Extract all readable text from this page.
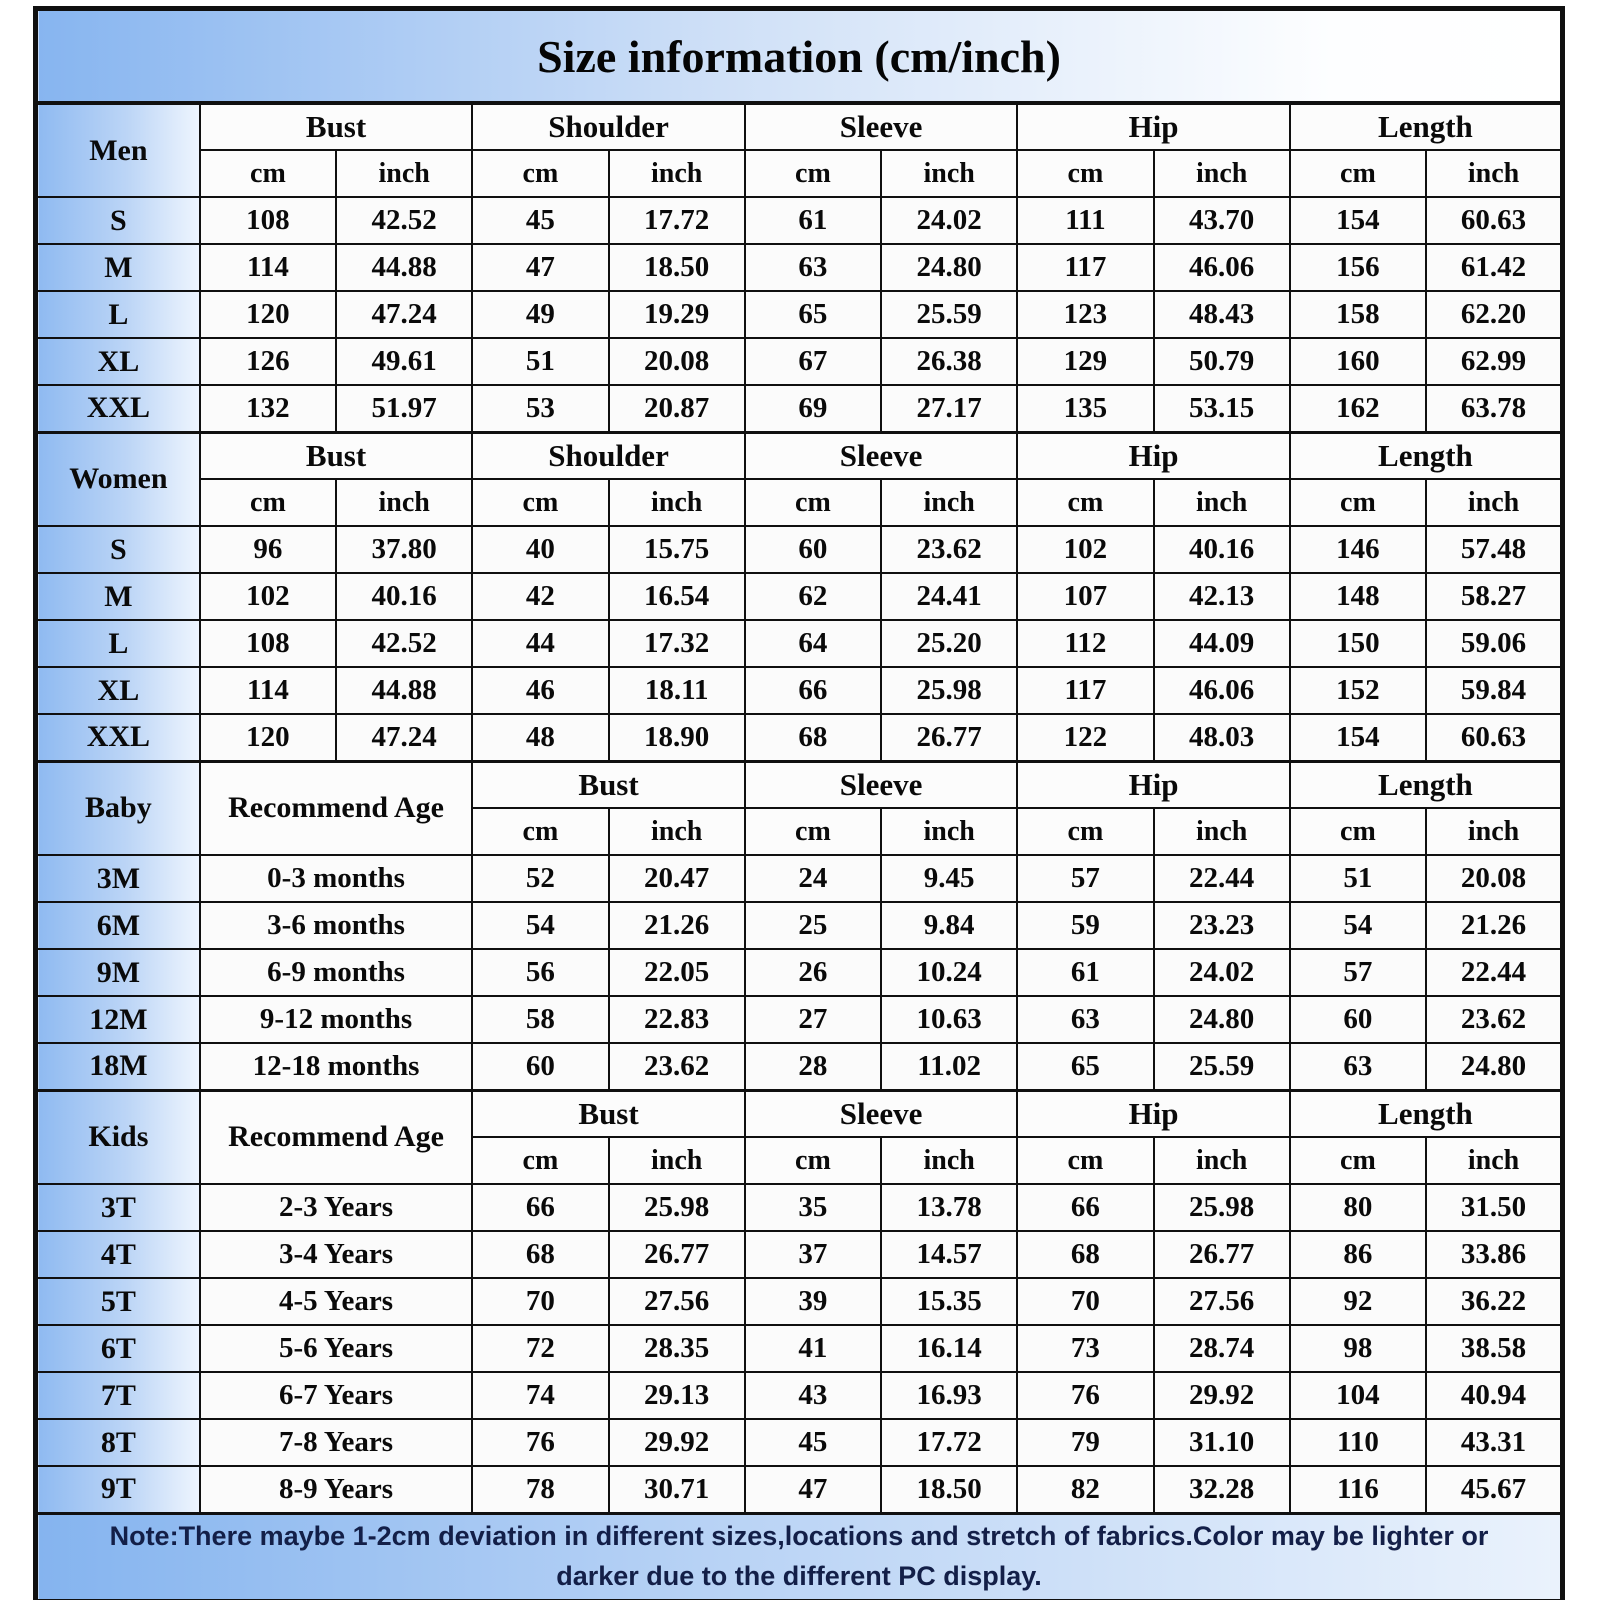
Size information (cm/inch)										
Men	Bust		Shoulder		Sleeve		Hip		Length	
	cm	inch	cm	inch	cm	inch	cm	inch	cm	inch
S	108	42.52	45	17.72	61	24.02	111	43.70	154	60.63
M	114	44.88	47	18.50	63	24.80	117	46.06	156	61.42
L	120	47.24	49	19.29	65	25.59	123	48.43	158	62.20
XL	126	49.61	51	20.08	67	26.38	129	50.79	160	62.99
XXL	132	51.97	53	20.87	69	27.17	135	53.15	162	63.78
Women	Bust		Shoulder		Sleeve		Hip		Length	
	cm	inch	cm	inch	cm	inch	cm	inch	cm	inch
S	96	37.80	40	15.75	60	23.62	102	40.16	146	57.48
M	102	40.16	42	16.54	62	24.41	107	42.13	148	58.27
L	108	42.52	44	17.32	64	25.20	112	44.09	150	59.06
XL	114	44.88	46	18.11	66	25.98	117	46.06	152	59.84
XXL	120	47.24	48	18.90	68	26.77	122	48.03	154	60.63
Baby	Recommend Age		Bust		Sleeve		Hip		Length	
			cm	inch	cm	inch	cm	inch	cm	inch
3M	0-3 months		52	20.47	24	9.45	57	22.44	51	20.08
6M	3-6 months		54	21.26	25	9.84	59	23.23	54	21.26
9M	6-9 months		56	22.05	26	10.24	61	24.02	57	22.44
12M	9-12 months		58	22.83	27	10.63	63	24.80	60	23.62
18M	12-18 months		60	23.62	28	11.02	65	25.59	63	24.80
Kids	Recommend Age		Bust		Sleeve		Hip		Length	
			cm	inch	cm	inch	cm	inch	cm	inch
3T	2-3 Years		66	25.98	35	13.78	66	25.98	80	31.50
4T	3-4 Years		68	26.77	37	14.57	68	26.77	86	33.86
5T	4-5 Years		70	27.56	39	15.35	70	27.56	92	36.22
6T	5-6 Years		72	28.35	41	16.14	73	28.74	98	38.58
7T	6-7 Years		74	29.13	43	16.93	76	29.92	104	40.94
8T	7-8 Years		76	29.92	45	17.72	79	31.10	110	43.31
9T	8-9 Years		78	30.71	47	18.50	82	32.28	116	45.67
Note:There maybe 1-2cm deviation in different sizes,locations and stretch of fabrics.Color may be lighter or darker due to the different PC display.										
